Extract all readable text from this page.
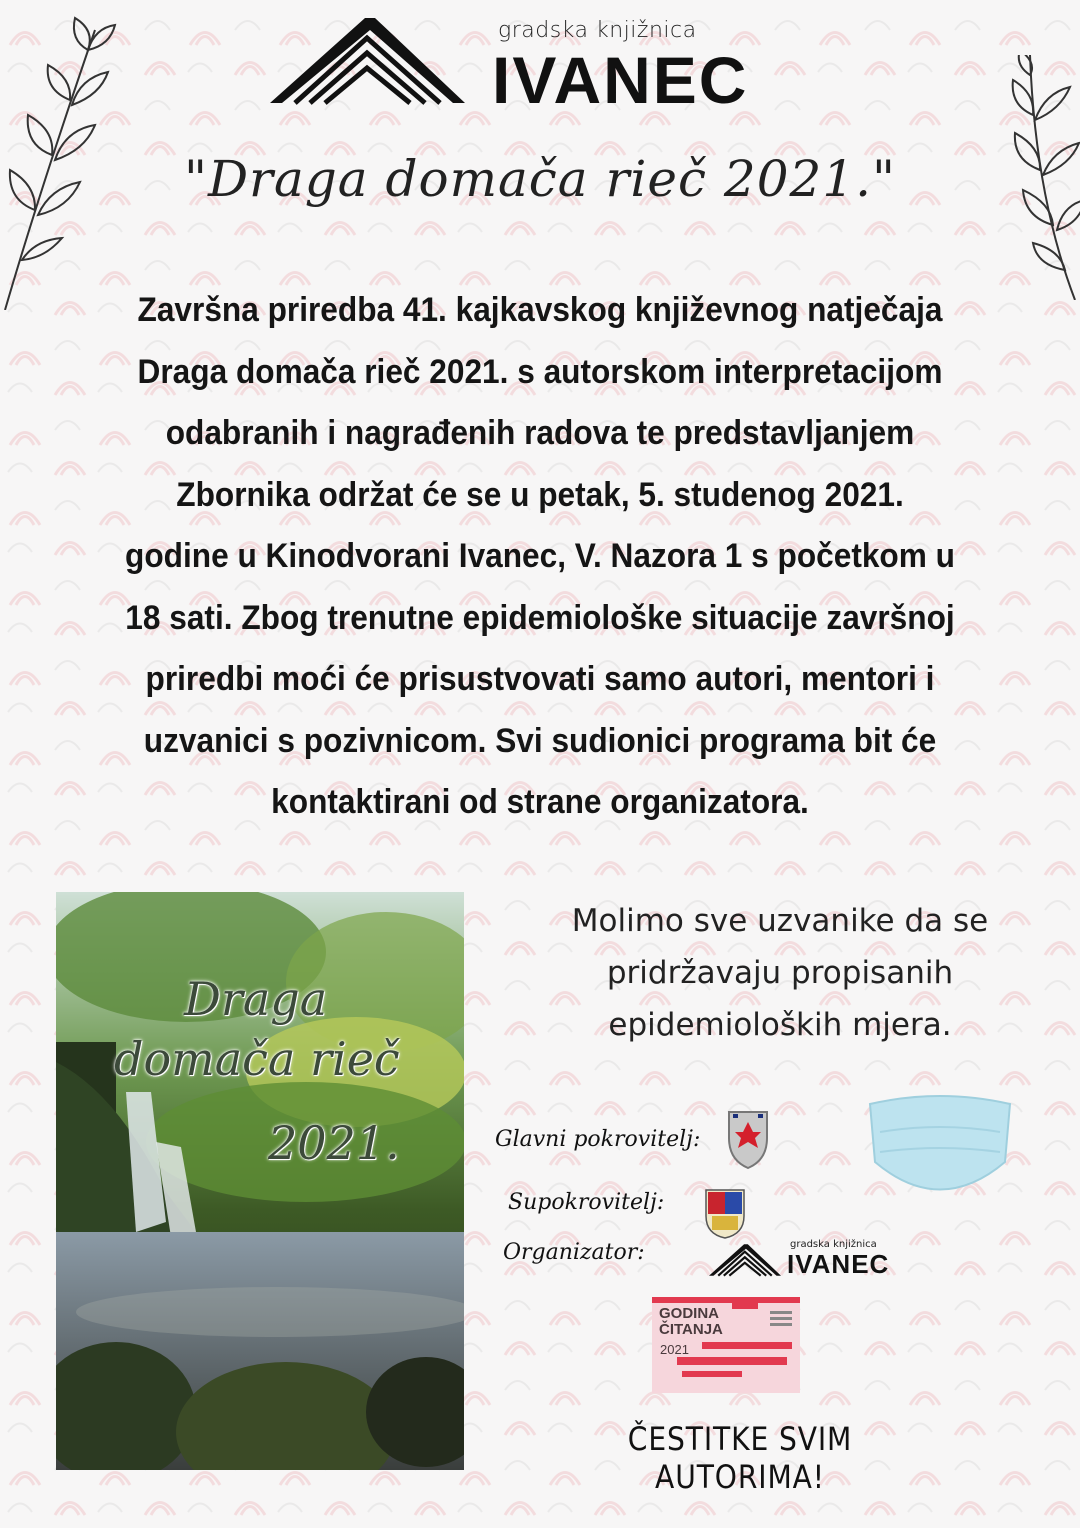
gradska knjižnica
IVANEC
"Draga domača rieč 2021."
Završna priredba 41. kajkavskog književnog natječaja
Draga domača rieč 2021. s autorskom interpretacijom
odabranih i nagrađenih radova te predstavljanjem
Zbornika održat će se u petak, 5. studenog 2021.
godine u Kinodvorani Ivanec, V. Nazora 1 s početkom u
18 sati. Zbog trenutne epidemiološke situacije završnoj
priredbi moći će prisustvovati samo autori, mentori i
uzvanici s pozivnicom. Svi sudionici programa bit će
kontaktirani od strane organizatora.
Draga
domača rieč
2021.
Molimo sve uzvanike da se
pridržavaju propisanih
epidemioloških mjera.
Glavni pokrovitelj:
Supokrovitelj:
Organizator:	gradska knjižnica
IVANEC
GODINA
ČITANJA
2021
ČESTITKE SVIM AUTORIMA!
